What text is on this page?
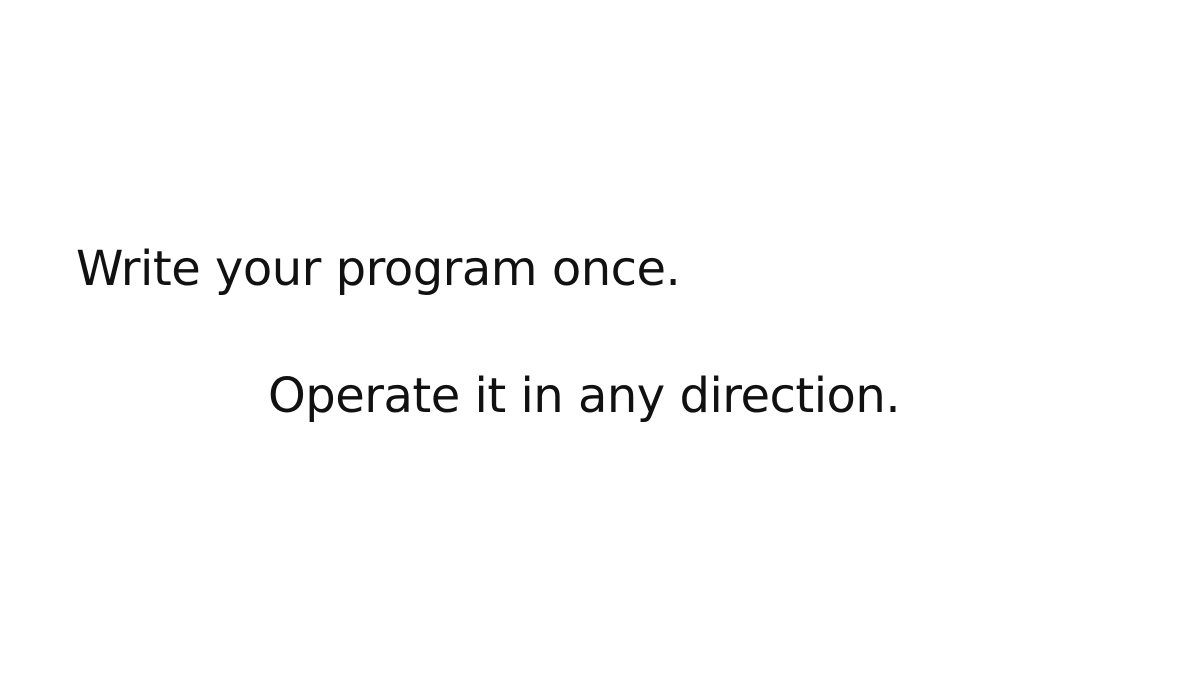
Write your program once.

Operate it in any direction.
